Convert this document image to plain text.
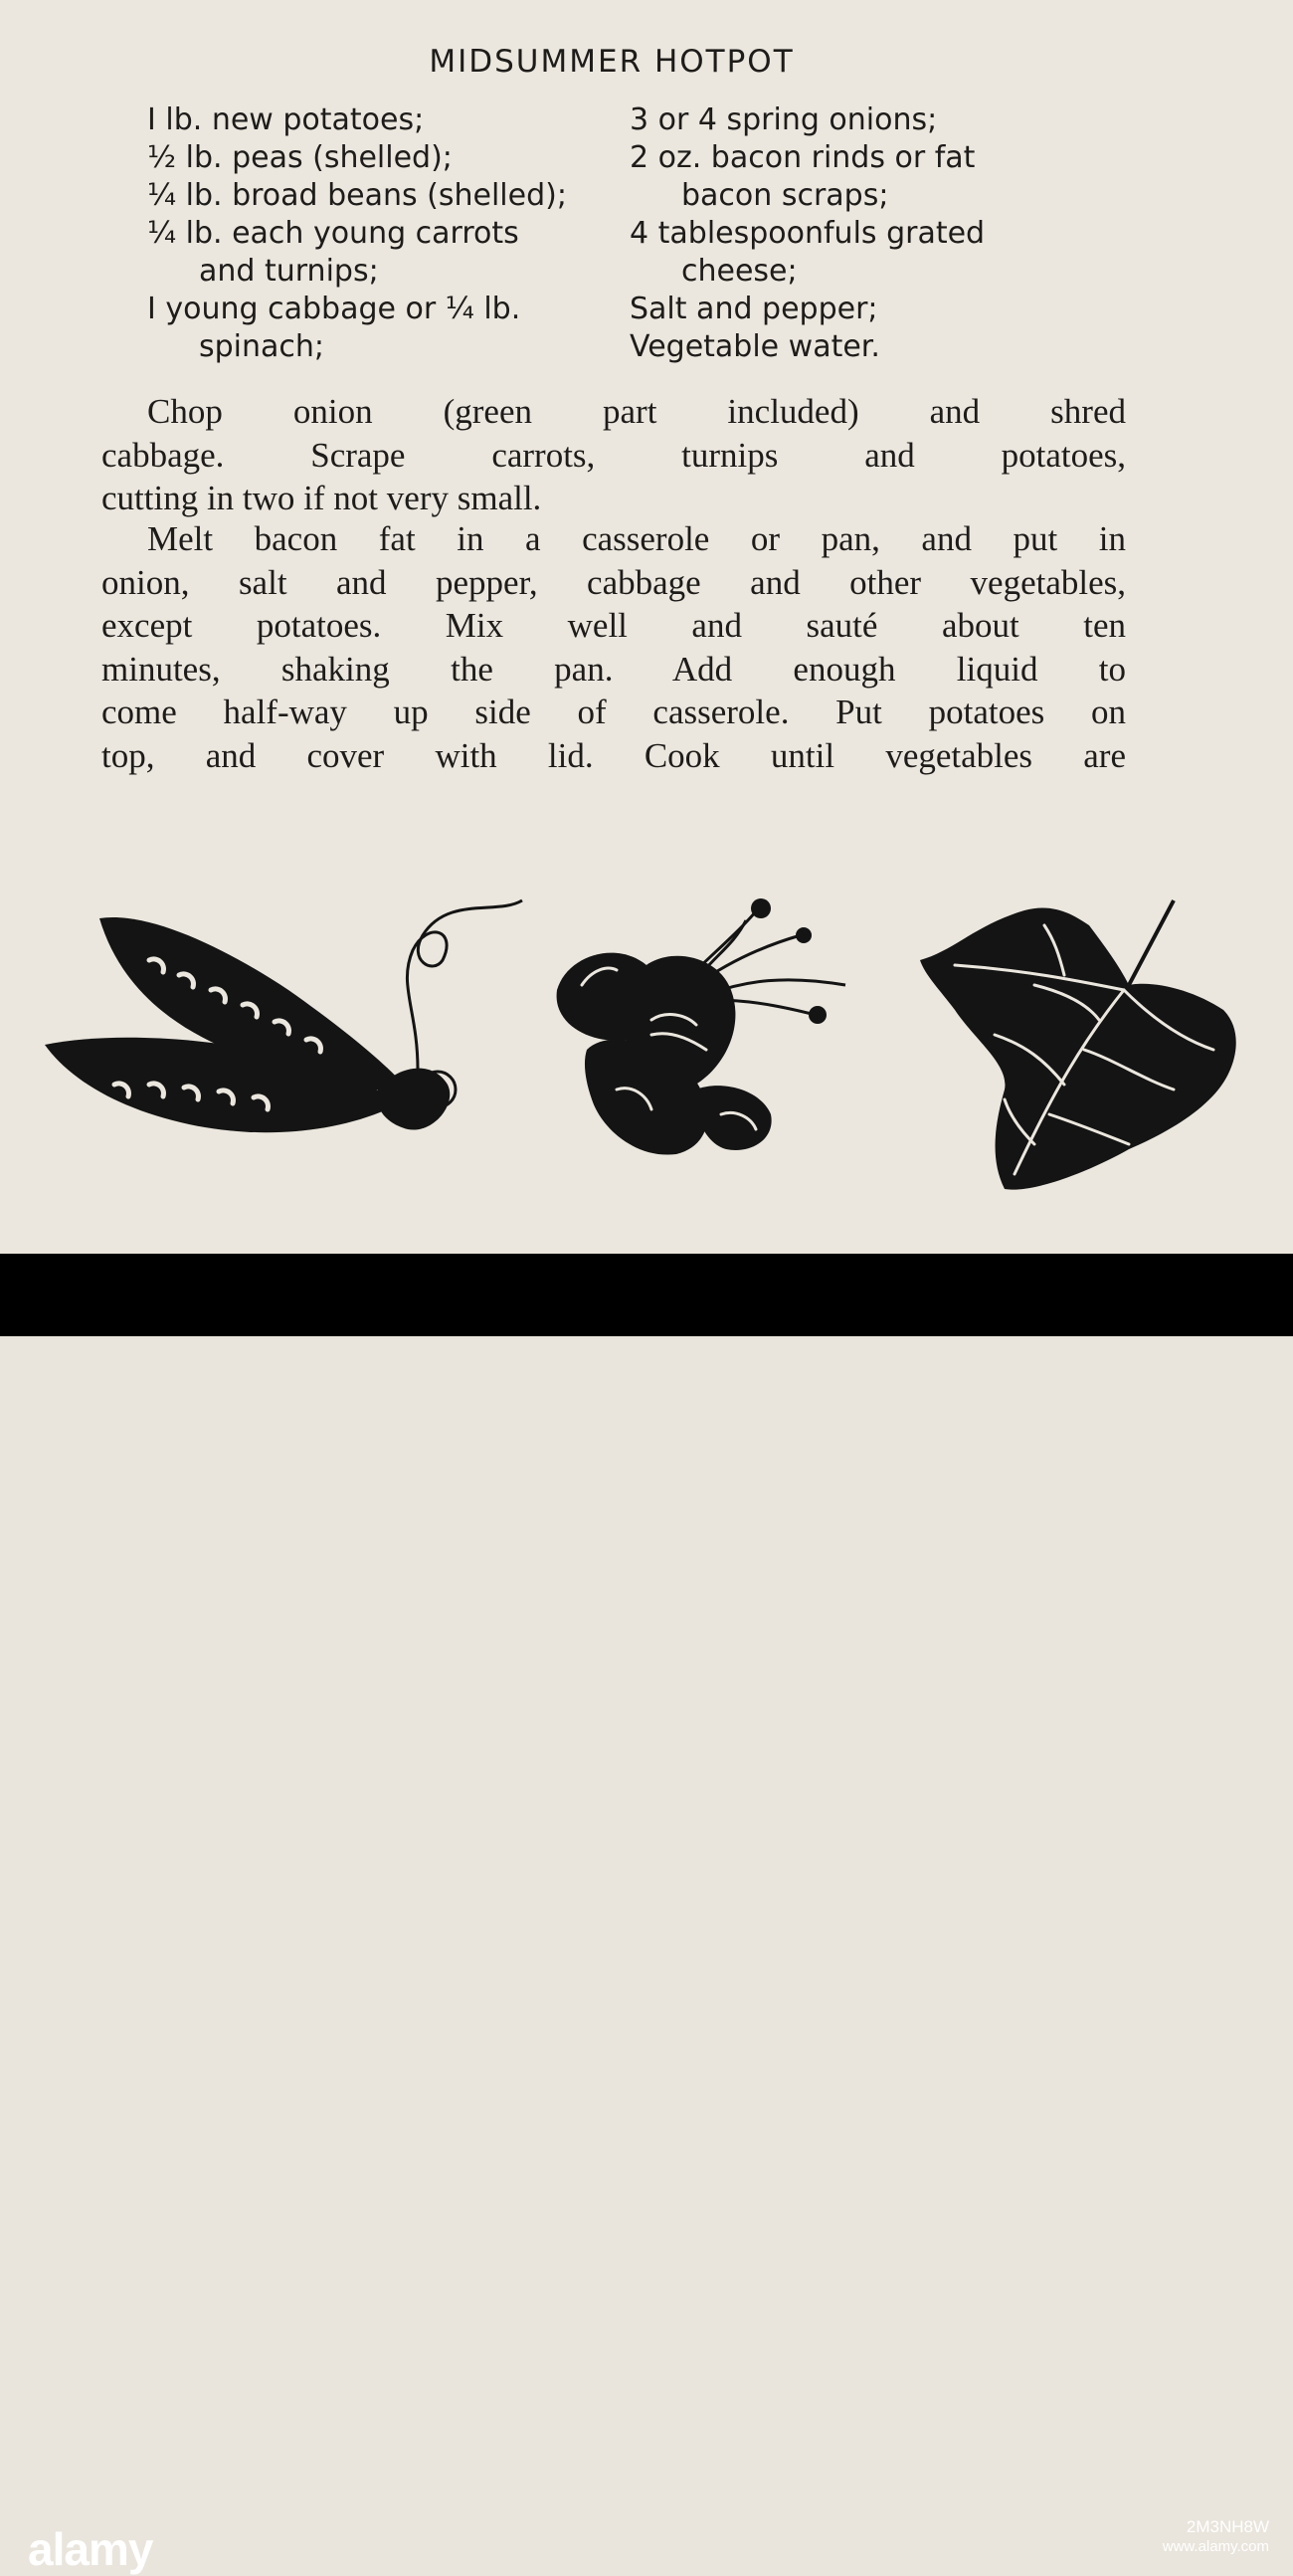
MIDSUMMER HOTPOT
I lb. new potatoes;
½ lb. peas (shelled);
¼ lb. broad beans (shelled);
¼ lb. each young carrots
and turnips;
I young cabbage or ¼ lb.
spinach;
3 or 4 spring onions;
2 oz. bacon rinds or fat
bacon scraps;
4 tablespoonfuls grated
cheese;
Salt and pepper;
Vegetable water.
Chop onion (green part included) and shred
cabbage. Scrape carrots, turnips and potatoes,
cutting in two if not very small.
Melt bacon fat in a casserole or pan, and put in
onion, salt and pepper, cabbage and other vegetables,
except potatoes. Mix well and sauté about ten
minutes, shaking the pan. Add enough liquid to
come half-way up side of casserole. Put potatoes on
top, and cover with lid. Cook until vegetables are
alamy	2M3NH8W
www.alamy.com
